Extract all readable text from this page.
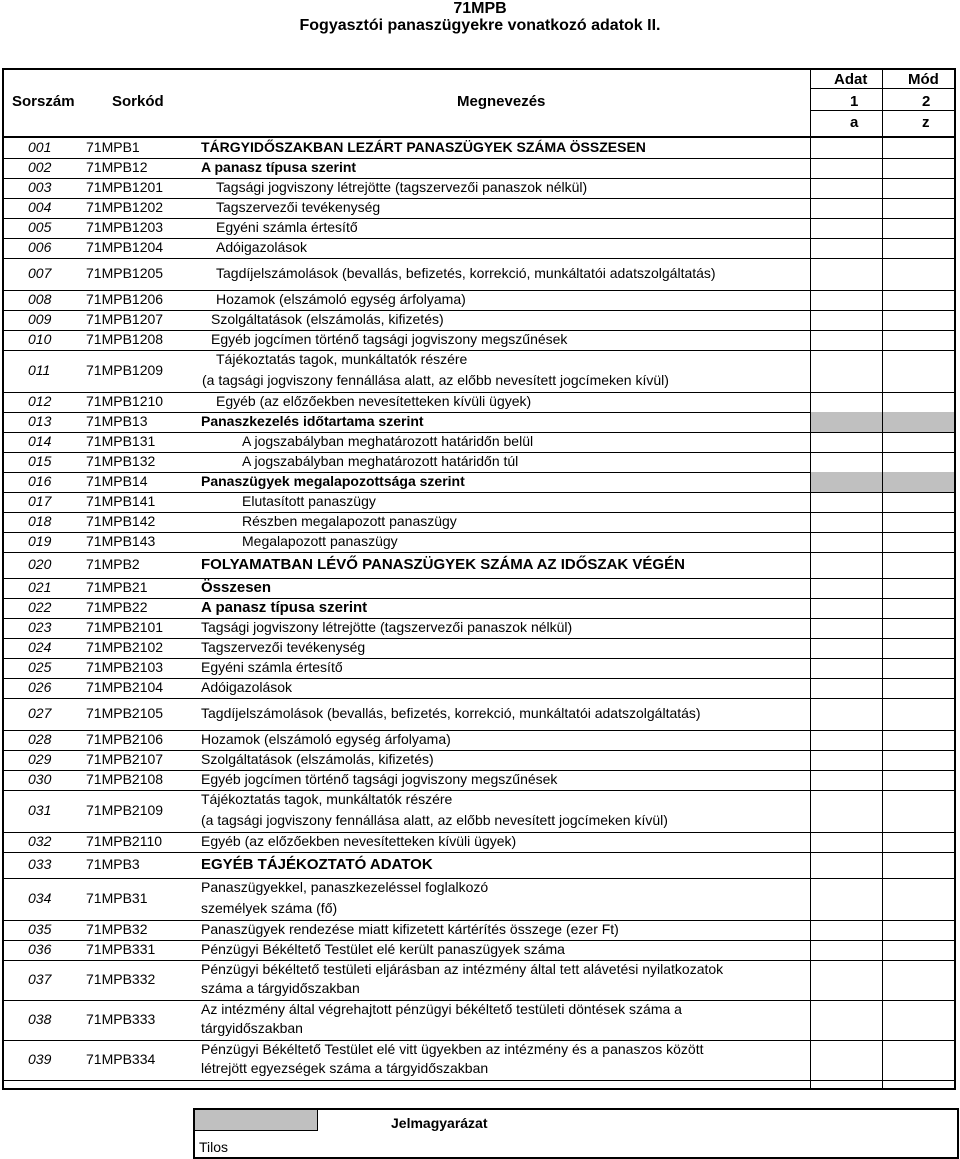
71MPB
Fogyasztói panaszügyekre vonatkozó adatok II.
Sorszám Sorkód	Megnevezés
Adat
1
a
Mód
2
z
001 71MPB1	TÁRGYIDŐSZAKBAN LEZÁRT PANASZÜGYEK SZÁMA ÖSSZESEN
002 71MPB12	A panasz típusa szerint
003 71MPB1201	Tagsági jogviszony létrejötte (tagszervezői panaszok nélkül)
004 71MPB1202	Tagszervezői tevékenység
005 71MPB1203	Egyéni számla értesítő
006 71MPB1204	Adóigazolások
007 71MPB1205	Tagdíjelszámolások (bevallás, befizetés, korrekció, munkáltatói adatszolgáltatás)
008 71MPB1206	Hozamok (elszámoló egység árfolyama)
009 71MPB1207	Szolgáltatások (elszámolás, kifizetés)
010 71MPB1208	Egyéb jogcímen történő tagsági jogviszony megszűnések
011	71MPB1209
Tájékoztatás tagok, munkáltatók részére
(a tagsági jogviszony fennállása alatt, az előbb nevesített jogcímeken kívül)
012 71MPB1210	Egyéb (az előzőekben nevesítetteken kívüli ügyek)
013 71MPB13	Panaszkezelés időtartama szerint
014 71MPB131	A jogszabályban meghatározott határidőn belül
015 71MPB132	A jogszabályban meghatározott határidőn túl
016 71MPB14	Panaszügyek megalapozottsága szerint
017 71MPB141	Elutasított panaszügy
018 71MPB142	Részben megalapozott panaszügy
019 71MPB143	Megalapozott panaszügy
020 71MPB2	FOLYAMATBAN LÉVŐ PANASZÜGYEK SZÁMA AZ IDŐSZAK VÉGÉN
021 71MPB21	Összesen
022 71MPB22	A panasz típusa szerint
023 71MPB2101	Tagsági jogviszony létrejötte (tagszervezői panaszok nélkül)
024 71MPB2102	Tagszervezői tevékenység
025 71MPB2103	Egyéni számla értesítő
026 71MPB2104	Adóigazolások
027 71MPB2105	Tagdíjelszámolások (bevallás, befizetés, korrekció, munkáltatói adatszolgáltatás)
028 71MPB2106	Hozamok (elszámoló egység árfolyama)
029 71MPB2107	Szolgáltatások (elszámolás, kifizetés)
030 71MPB2108	Egyéb jogcímen történő tagsági jogviszony megszűnések
031 71MPB2109
Tájékoztatás tagok, munkáltatók részére
(a tagsági jogviszony fennállása alatt, az előbb nevesített jogcímeken kívül)
032 71MPB2110	Egyéb (az előzőekben nevesítetteken kívüli ügyek)
033 71MPB3	EGYÉB TÁJÉKOZTATÓ ADATOK
034 71MPB31
Panaszügyekkel, panaszkezeléssel foglalkozó
személyek száma (fő)
035 71MPB32	Panaszügyek rendezése miatt kifizetett kártérítés összege (ezer Ft)
036 71MPB331	Pénzügyi Békéltető Testület elé került panaszügyek száma
037 71MPB332
Pénzügyi békéltető testületi eljárásban az intézmény által tett alávetési nyilatkozatok
száma a tárgyidőszakban
038 71MPB333
Az intézmény által végrehajtott pénzügyi békéltető testületi döntések száma a
tárgyidőszakban
039 71MPB334
Pénzügyi Békéltető Testület elé vitt ügyekben az intézmény és a panaszos között
létrejött egyezségek száma a tárgyidőszakban
Tilos
Jelmagyarázat
